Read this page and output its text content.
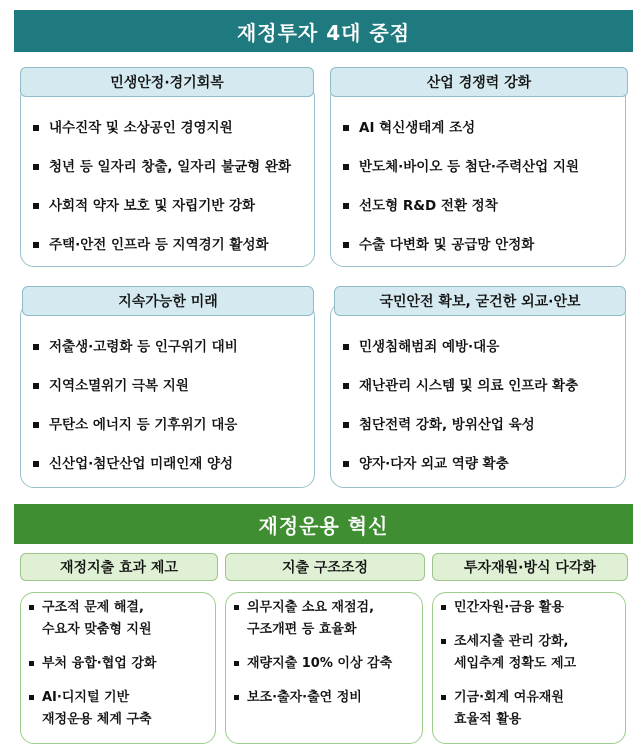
재정투자 4대 중점
민생안정·경기회복
내수진작 및 소상공인 경영지원
청년 등 일자리 창출, 일자리 불균형 완화
사회적 약자 보호 및 자립기반 강화
주택·안전 인프라 등 지역경기 활성화
산업 경쟁력 강화
AI 혁신생태계 조성
반도체·바이오 등 첨단·주력산업 지원
선도형 R&D 전환 정착
수출 다변화 및 공급망 안정화
지속가능한 미래
저출생·고령화 등 인구위기 대비
지역소멸위기 극복 지원
무탄소 에너지 등 기후위기 대응
신산업·첨단산업 미래인재 양성
국민안전 확보, 굳건한 외교·안보
민생침해범죄 예방·대응
재난관리 시스템 및 의료 인프라 확충
첨단전력 강화, 방위산업 육성
양자·다자 외교 역량 확충
재정운용 혁신
재정지출 효과 제고
구조적 문제 해결,
수요자 맞춤형 지원
부처 융합·협업 강화
AI·디지털 기반
재정운용 체계 구축
지출 구조조정
의무지출 소요 재점검,
구조개편 등 효율화
재량지출 10% 이상 감축
보조·출자·출연 정비
투자재원·방식 다각화
민간자원·금융 활용
조세지출 관리 강화,
세입추계 정확도 제고
기금·회계 여유재원
효율적 활용
